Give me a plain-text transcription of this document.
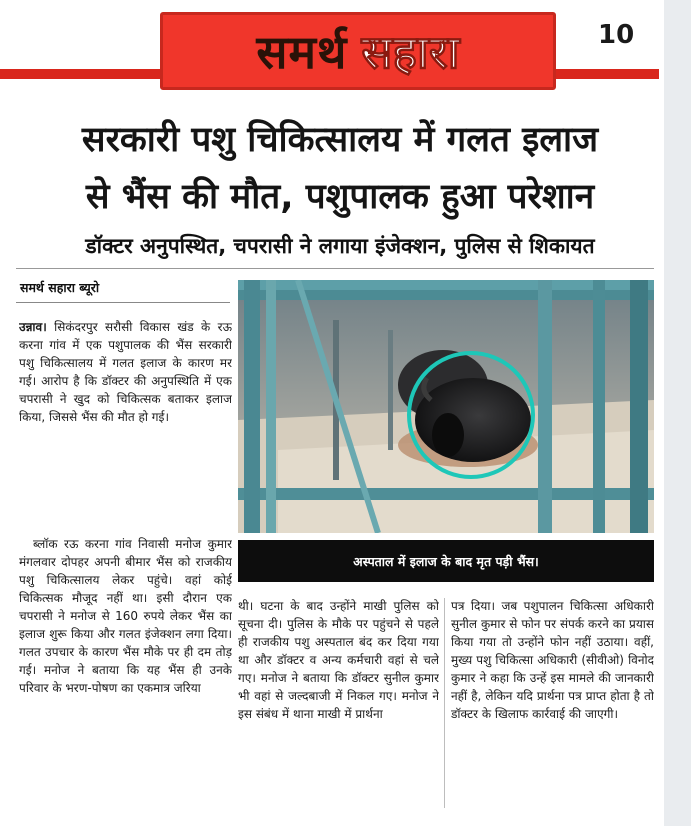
समर्थ सहारा	10
सरकारी पशु चिकित्सालय में गलत इलाज
से भैंस की मौत, पशुपालक हुआ परेशान
डॉक्टर अनुपस्थित, चपरासी ने लगाया इंजेक्शन, पुलिस से शिकायत
समर्थ सहारा ब्यूरो

उन्नाव। सिकंदरपुर सरौसी विकास खंड के रऊ करना गांव में एक पशुपालक की भैंस सरकारी पशु चिकित्सालय में गलत इलाज के कारण मर गई। आरोप है कि डॉक्टर की अनुपस्थिति में एक चपरासी ने खुद को चिकित्सक बताकर इलाज किया, जिससे भैंस की मौत हो गई।

ब्लॉक रऊ करना गांव निवासी मनोज कुमार मंगलवार दोपहर अपनी बीमार भैंस को राजकीय पशु चिकित्सालय लेकर पहुंचे। वहां कोई चिकित्सक मौजूद नहीं था। इसी दौरान एक चपरासी ने मनोज से 160 रुपये लेकर भैंस का इलाज शुरू किया और गलत इंजेक्शन लगा दिया। गलत उपचार के कारण भैंस मौके पर ही दम तोड़ गई। मनोज ने बताया कि यह भैंस ही उनके परिवार के भरण-पोषण का एकमात्र जरिया

अस्पताल में इलाज के बाद मृत पड़ी भैंस।

थी। घटना के बाद उन्होंने माखी पुलिस को सूचना दी। पुलिस के मौके पर पहुंचने से पहले ही राजकीय पशु अस्पताल बंद कर दिया गया था और डॉक्टर व अन्य कर्मचारी वहां से चले गए। मनोज ने बताया कि डॉक्टर सुनील कुमार भी वहां से जल्दबाजी में निकल गए। मनोज ने इस संबंध में थाना माखी में प्रार्थना

पत्र दिया। जब पशुपालन चिकित्सा अधिकारी सुनील कुमार से फोन पर संपर्क करने का प्रयास किया गया तो उन्होंने फोन नहीं उठाया। वहीं, मुख्य पशु चिकित्सा अधिकारी (सीवीओ) विनोद कुमार ने कहा कि उन्हें इस मामले की जानकारी नहीं है, लेकिन यदि प्रार्थना पत्र प्राप्त होता है तो डॉक्टर के खिलाफ कार्रवाई की जाएगी।
